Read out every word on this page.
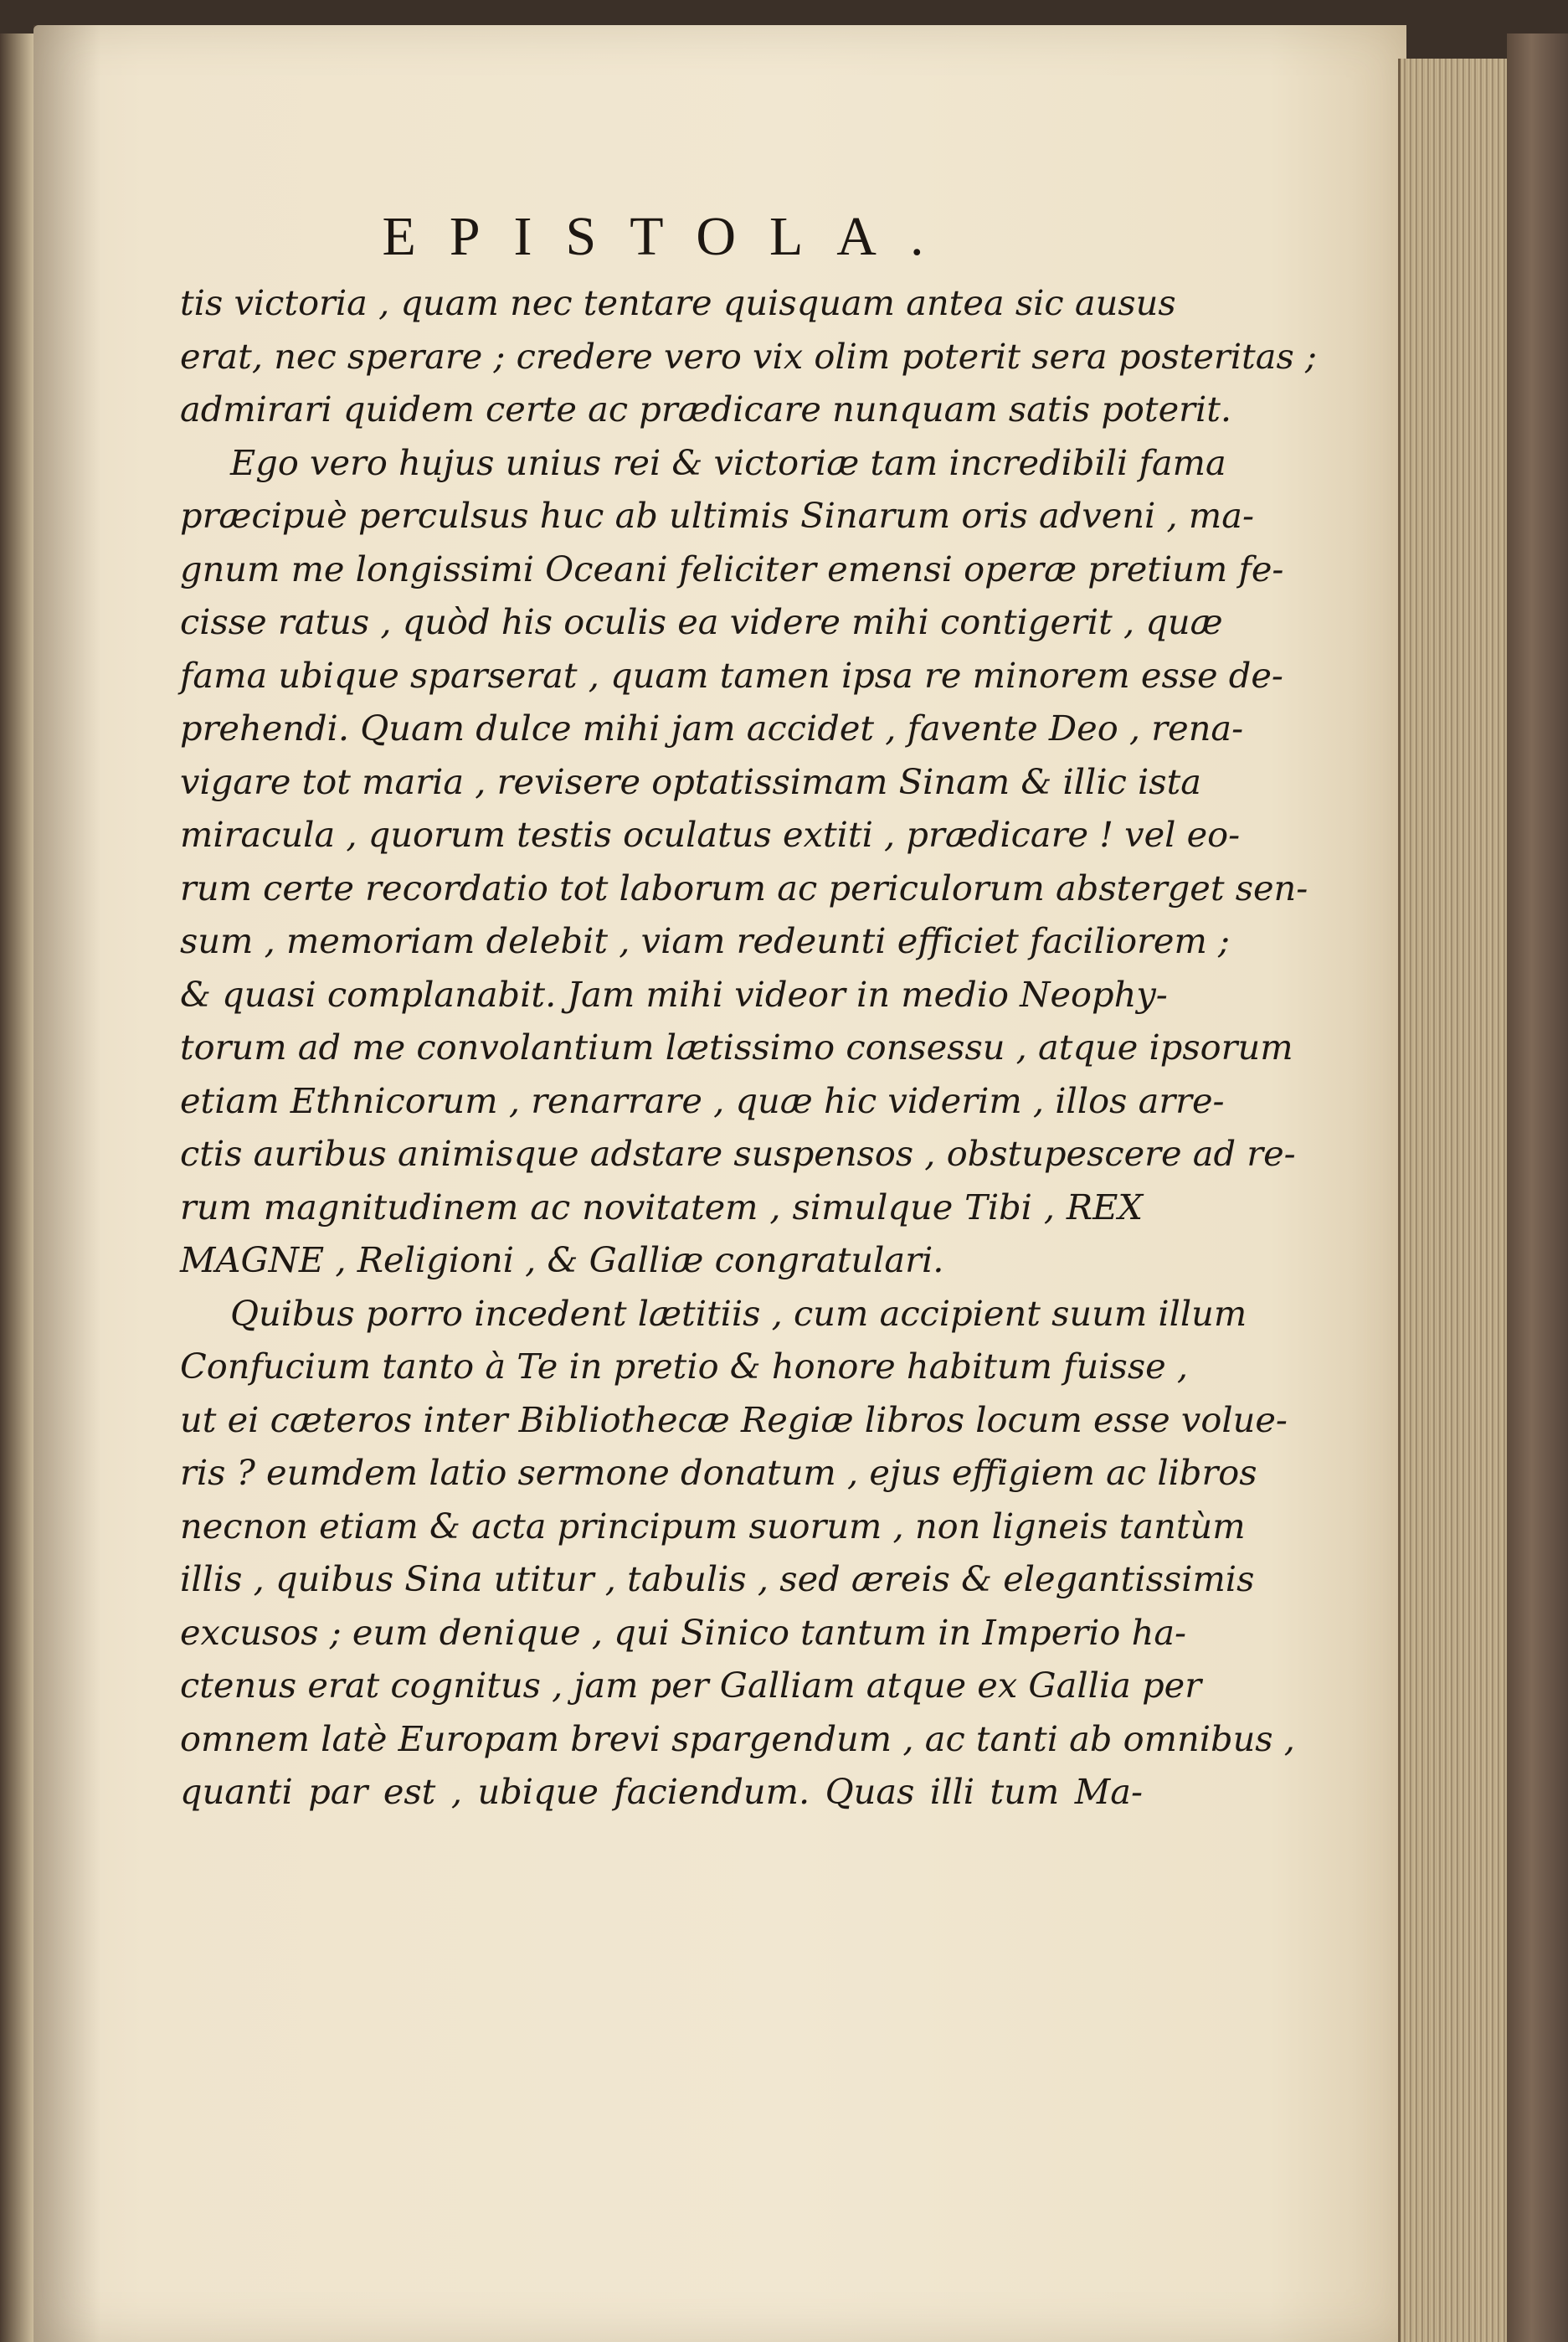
EPISTOLA.
tis victoria , quam nec tentare quisquam antea sic ausus
erat, nec sperare ; credere vero vix olim poterit sera posteritas ;
admirari quidem certe ac prædicare nunquam satis poterit.
Ego vero hujus unius rei & victoriæ tam incredibili fama
præcipuè perculsus huc ab ultimis Sinarum oris adveni , ma-
gnum me longissimi Oceani feliciter emensi operæ pretium fe-
cisse ratus , quòd his oculis ea videre mihi contigerit , quæ
fama ubique sparserat , quam tamen ipsa re minorem esse de-
prehendi. Quam dulce mihi jam accidet , favente Deo , rena-
vigare tot maria , revisere optatissimam Sinam & illic ista
miracula , quorum testis oculatus extiti , prædicare ! vel eo-
rum certe recordatio tot laborum ac periculorum absterget sen-
sum , memoriam delebit , viam redeunti efficiet faciliorem ;
& quasi complanabit. Jam mihi videor in medio Neophy-
torum ad me convolantium lætissimo consessu , atque ipsorum
etiam Ethnicorum , renarrare , quæ hic viderim , illos arre-
ctis auribus animisque adstare suspensos , obstupescere ad re-
rum magnitudinem ac novitatem , simulque Tibi , REX
MAGNE , Religioni , & Galliæ congratulari.
Quibus porro incedent lætitiis , cum accipient suum illum
Confucium tanto à Te in pretio & honore habitum fuisse ,
ut ei cæteros inter Bibliothecæ Regiæ libros locum esse volue-
ris ? eumdem latio sermone donatum , ejus effigiem ac libros
necnon etiam & acta principum suorum , non ligneis tantùm
illis , quibus Sina utitur , tabulis , sed æreis & elegantissimis
excusos ; eum denique , qui Sinico tantum in Imperio ha-
ctenus erat cognitus , jam per Galliam atque ex Gallia per
omnem latè Europam brevi spargendum , ac tanti ab omnibus ,
quanti par est , ubique faciendum. Quas illi tum Ma-
